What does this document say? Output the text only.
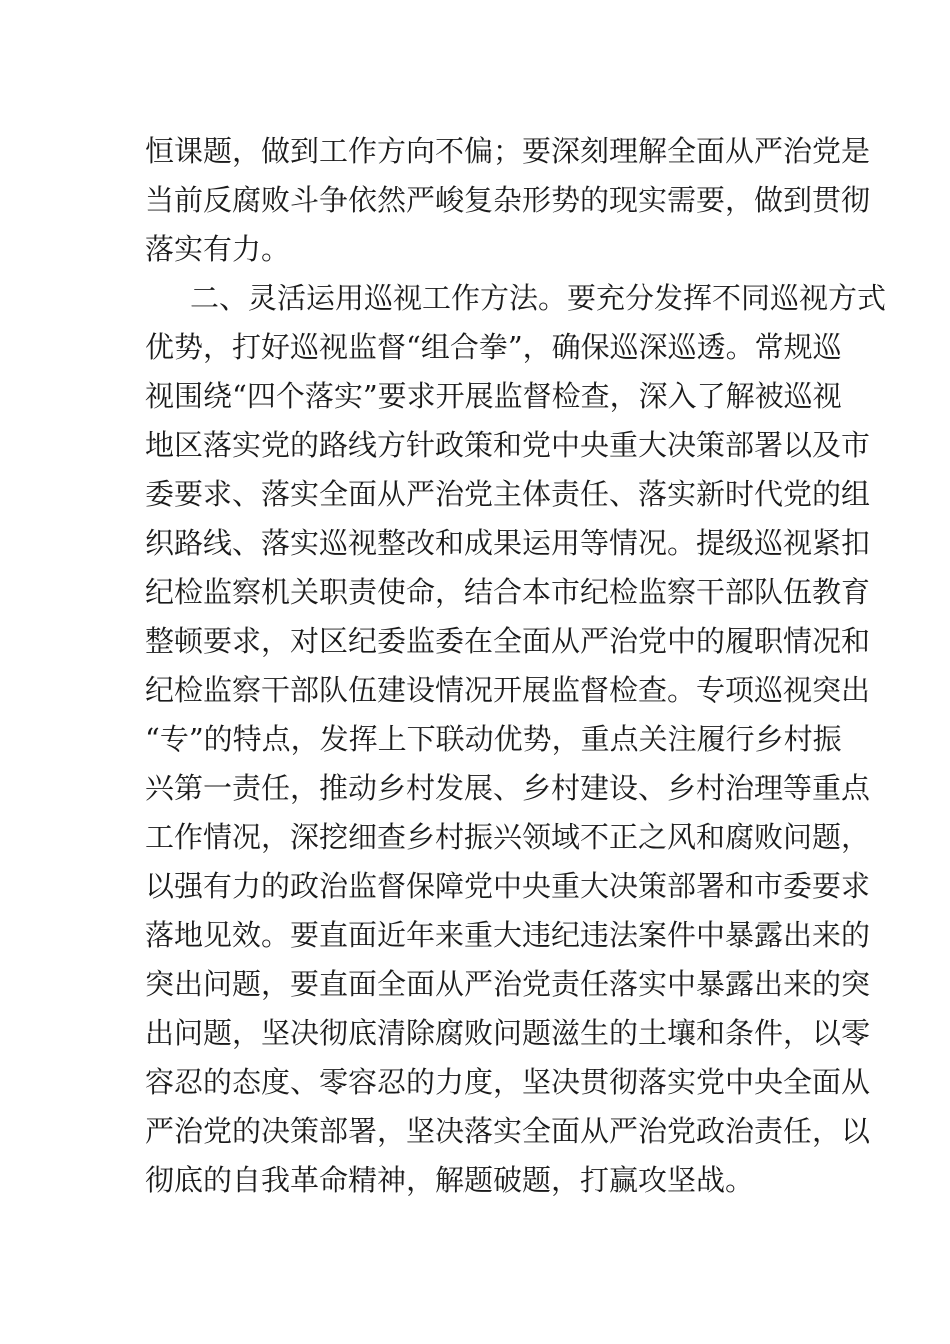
恒课题，做到工作方向不偏；要深刻理解全面从严治党是
当前反腐败斗争依然严峻复杂形势的现实需要，做到贯彻
落实有力。
二、灵活运用巡视工作方法。要充分发挥不同巡视方式
优势，打好巡视监督“组合拳”，确保巡深巡透。常规巡
视围绕“四个落实”要求开展监督检查，深入了解被巡视
地区落实党的路线方针政策和党中央重大决策部署以及市
委要求、落实全面从严治党主体责任、落实新时代党的组
织路线、落实巡视整改和成果运用等情况。提级巡视紧扣
纪检监察机关职责使命，结合本市纪检监察干部队伍教育
整顿要求，对区纪委监委在全面从严治党中的履职情况和
纪检监察干部队伍建设情况开展监督检查。专项巡视突出
“专”的特点，发挥上下联动优势，重点关注履行乡村振
兴第一责任，推动乡村发展、乡村建设、乡村治理等重点
工作情况，深挖细查乡村振兴领域不正之风和腐败问题，
以强有力的政治监督保障党中央重大决策部署和市委要求
落地见效。要直面近年来重大违纪违法案件中暴露出来的
突出问题，要直面全面从严治党责任落实中暴露出来的突
出问题，坚决彻底清除腐败问题滋生的土壤和条件，以零
容忍的态度、零容忍的力度，坚决贯彻落实党中央全面从
严治党的决策部署，坚决落实全面从严治党政治责任，以
彻底的自我革命精神，解题破题，打赢攻坚战。
